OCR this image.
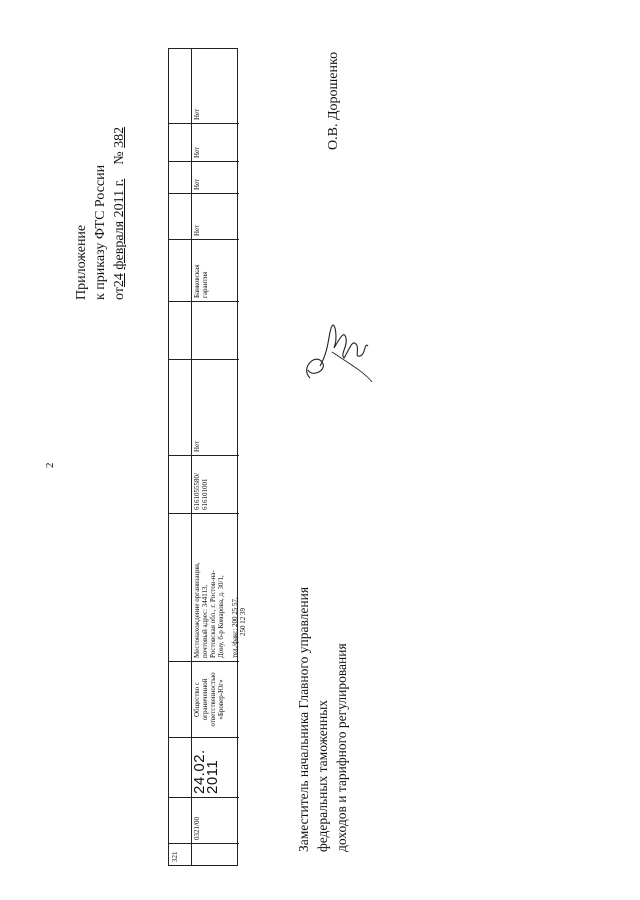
2
Приложение к приказу ФТС России от24 февраля 2011 г.    № 382
321
0321/00
24.02.
2011
Общество с ограниченной ответственностью «Бровер-Юг»
Местонахождение организации, почтовый адрес: 344113, Ростовская обл., г. Ростов-на- Дону, б-р Комарова, д. 30/1, тел./факс: 200 25 57, 250 12 39
6161055580/ 616101001
Нет
Банковская гарантия
Нет
Нет
Нет
Нет
Заместитель начальника Главного управления федеральных таможенных доходов и тарифного регулирования
О.В. Дорошенко
